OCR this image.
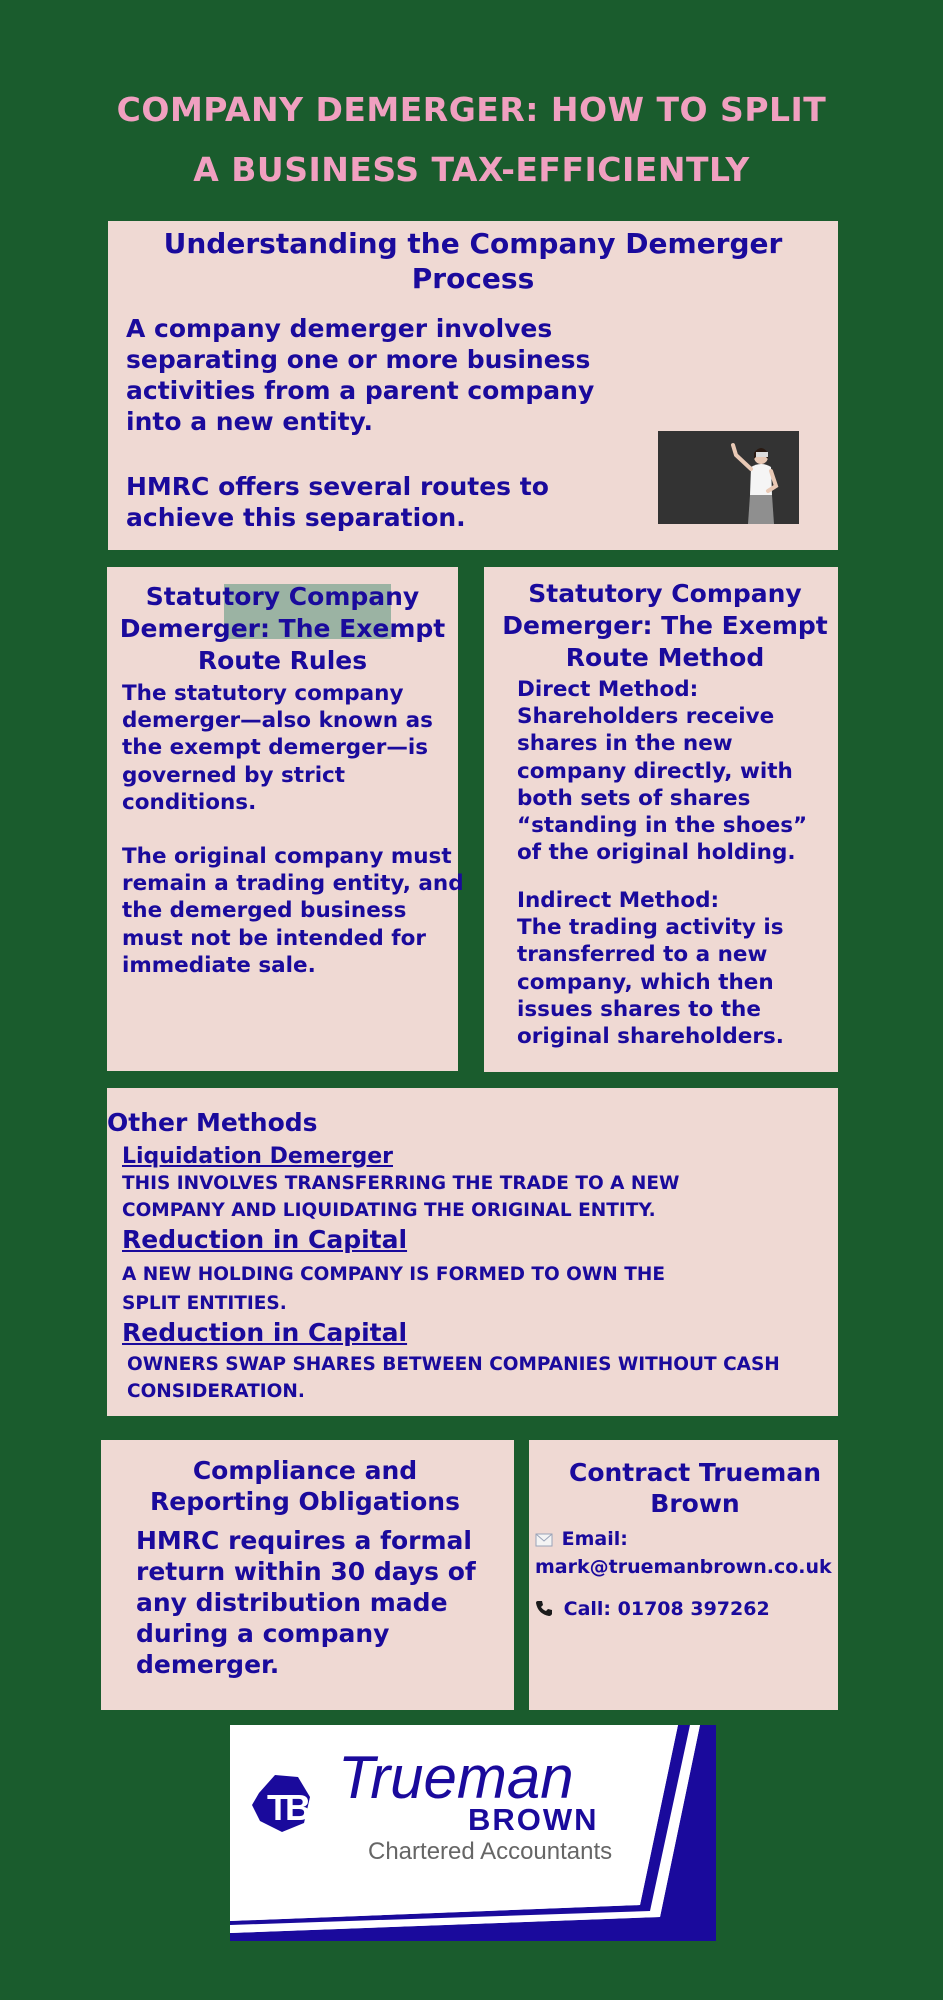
COMPANY DEMERGER: HOW TO SPLIT
A BUSINESS TAX-EFFICIENTLY
Understanding the Company Demerger
Process
A company demerger involves
separating one or more business
activities from a parent company
into a new entity.
HMRC offers several routes to
achieve this separation.
Statutory Company
Demerger: The Exempt
Route Rules
The statutory company
demerger—also known as
the exempt demerger—is
governed by strict
conditions.
The original company must
remain a trading entity, and
the demerged business
must not be intended for
immediate sale.
Statutory Company
Demerger: The Exempt
Route Method
Direct Method:
Shareholders receive
shares in the new
company directly, with
both sets of shares
“standing in the shoes”
of the original holding.
Indirect Method:
The trading activity is
transferred to a new
company, which then
issues shares to the
original shareholders.
Other Methods
Liquidation Demerger
THIS INVOLVES TRANSFERRING THE TRADE TO A NEW
COMPANY AND LIQUIDATING THE ORIGINAL ENTITY.
Reduction in Capital
A NEW HOLDING COMPANY IS FORMED TO OWN THE
SPLIT ENTITIES.
Reduction in Capital
OWNERS SWAP SHARES BETWEEN COMPANIES WITHOUT CASH
CONSIDERATION.
Compliance and
Reporting Obligations
HMRC requires a formal
return within 30 days of
any distribution made
during a company
demerger.
Contract Trueman
Brown
Email:
mark@truemanbrown.co.uk
Call: 01708 397262
TB Trueman
BROWN
Chartered Accountants
